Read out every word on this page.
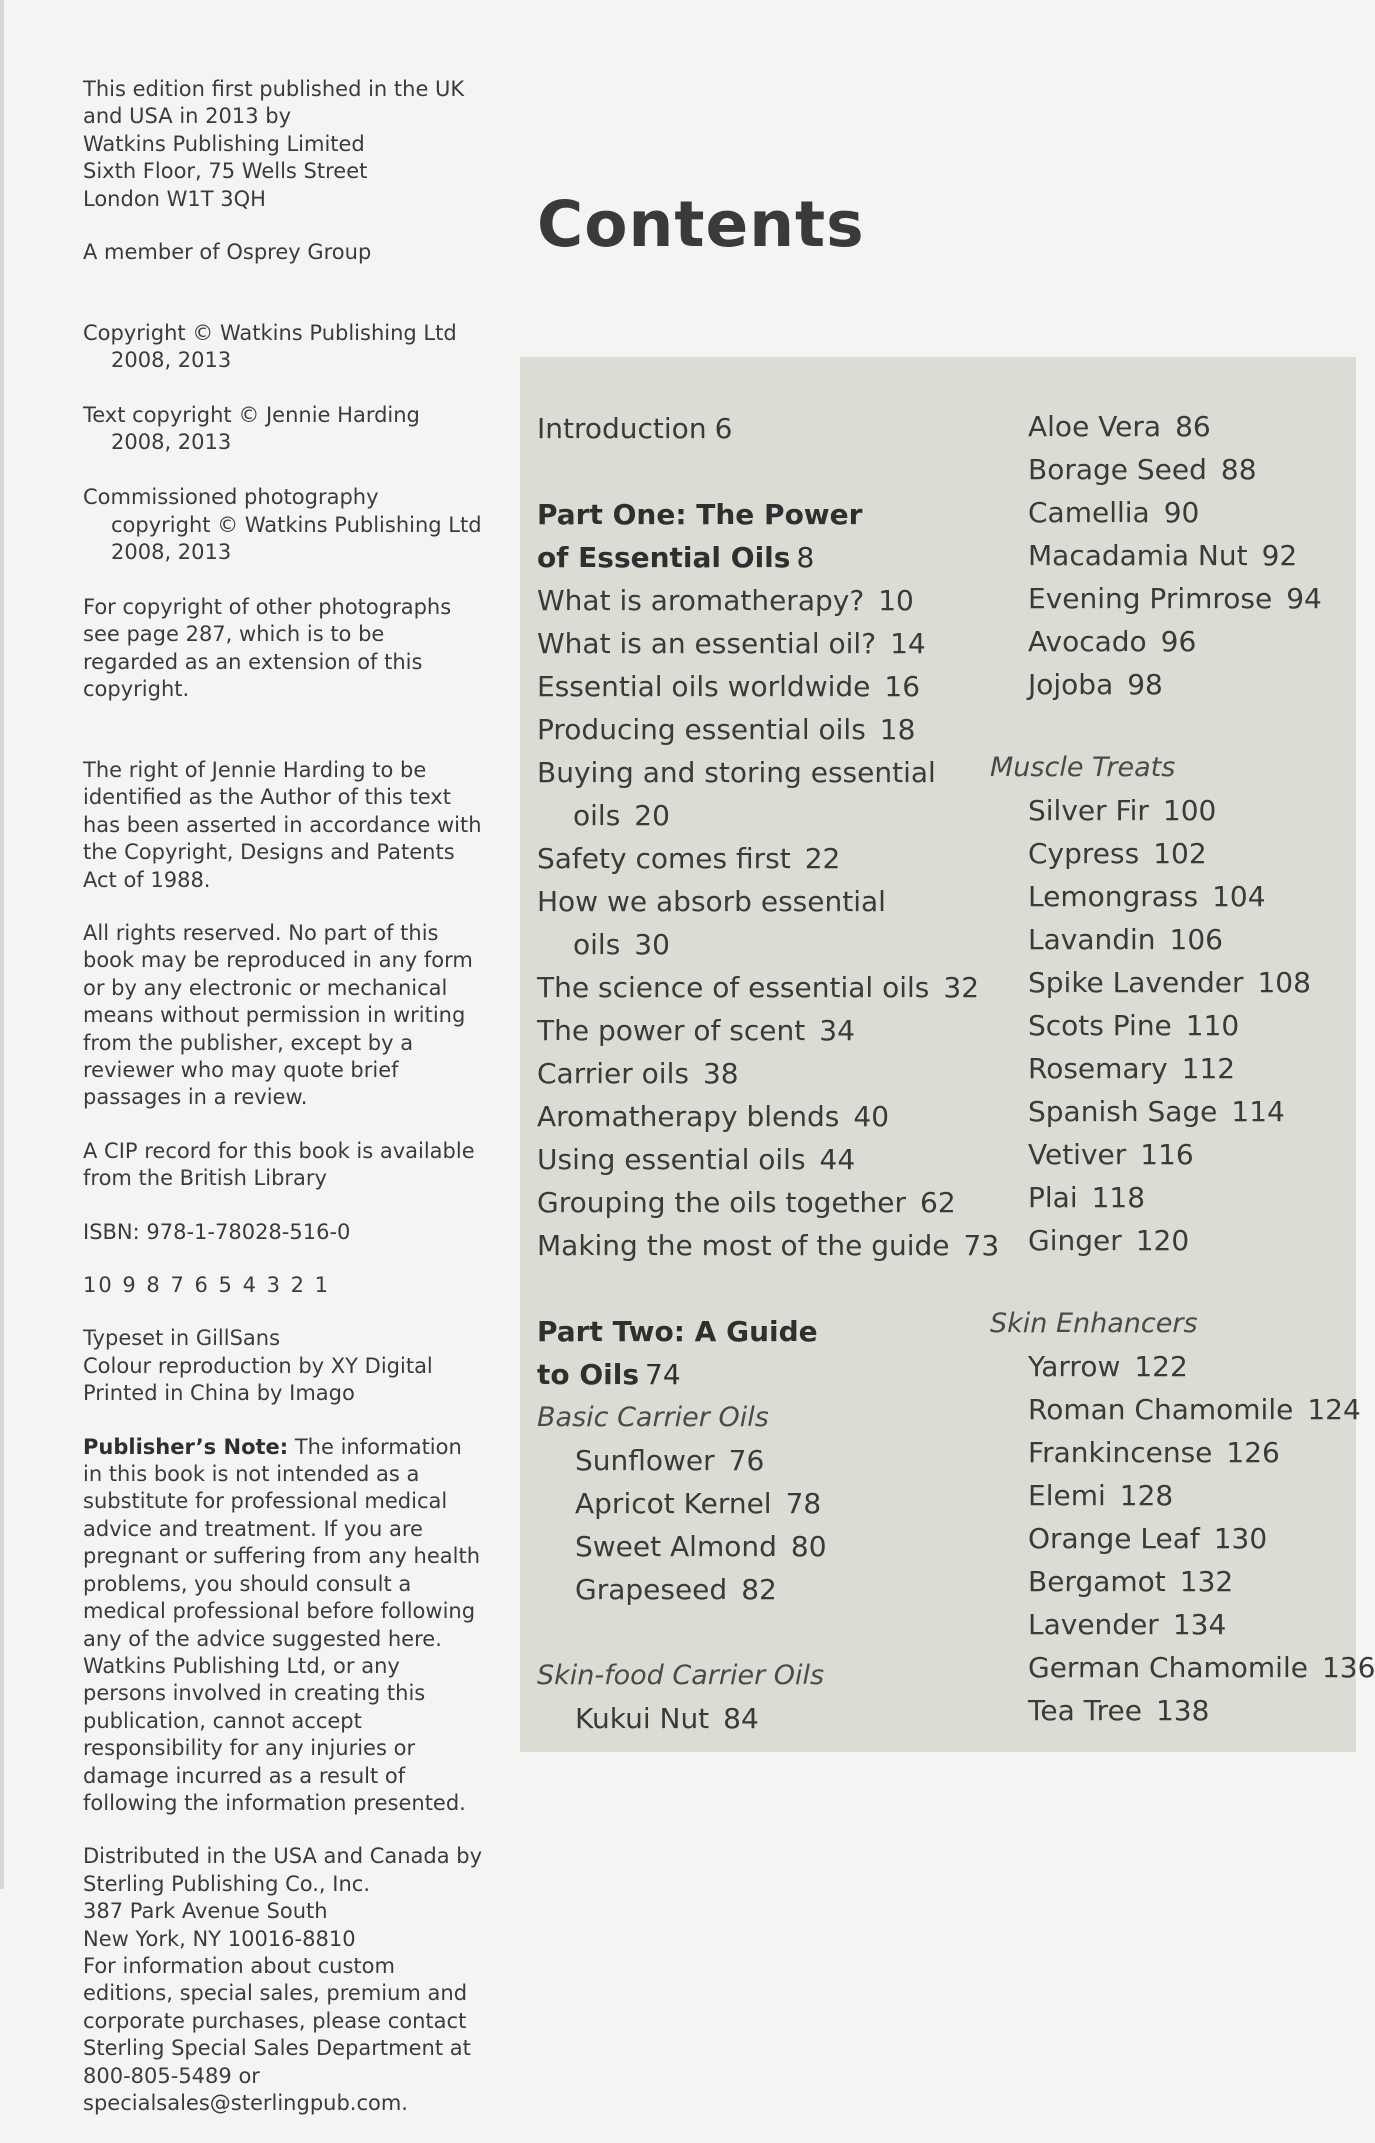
This edition first published in the UK
and USA in 2013 by
Watkins Publishing Limited
Sixth Floor, 75 Wells Street
London W1T 3QH

A member of Osprey Group

Copyright © Watkins Publishing Ltd 2008, 2013

Text copyright © Jennie Harding 2008, 2013

Commissioned photography copyright © Watkins Publishing Ltd 2008, 2013

For copyright of other photographs see page 287, which is to be regarded as an extension of this copyright.

The right of Jennie Harding to be identified as the Author of this text has been asserted in accordance with the Copyright, Designs and Patents Act of 1988.

All rights reserved. No part of this book may be reproduced in any form or by any electronic or mechanical means without permission in writing from the publisher, except by a reviewer who may quote brief passages in a review.

A CIP record for this book is available from the British Library

ISBN: 978-1-78028-516-0

10 9 8 7 6 5 4 3 2 1

Typeset in GillSans
Colour reproduction by XY Digital
Printed in China by Imago

Publisher’s Note: The information in this book is not intended as a substitute for professional medical advice and treatment. If you are pregnant or suffering from any health problems, you should consult a medical professional before following any of the advice suggested here. Watkins Publishing Ltd, or any persons involved in creating this publication, cannot accept responsibility for any injuries or damage incurred as a result of following the information presented.

Distributed in the USA and Canada by Sterling Publishing Co., Inc.
387 Park Avenue South
New York, NY 10016-8810
For information about custom editions, special sales, premium and corporate purchases, please contact Sterling Special Sales Department at 800-805-5489 or specialsales@sterlingpub.com.

Contents
Introduction 6
Part One: The Power
of Essential Oils 8
What is aromatherapy? 10
What is an essential oil? 14
Essential oils worldwide 16
Producing essential oils 18
Buying and storing essential
oils 20
Safety comes first 22
How we absorb essential
oils 30
The science of essential oils 32
The power of scent 34
Carrier oils 38
Aromatherapy blends 40
Using essential oils 44
Grouping the oils together 62
Making the most of the guide 73
Part Two: A Guide
to Oils 74
Basic Carrier Oils
Sunflower 76
Apricot Kernel 78
Sweet Almond 80
Grapeseed 82
Skin-food Carrier Oils
Kukui Nut 84
Aloe Vera 86
Borage Seed 88
Camellia 90
Macadamia Nut 92
Evening Primrose 94
Avocado 96
Jojoba 98
Muscle Treats
Silver Fir 100
Cypress 102
Lemongrass 104
Lavandin 106
Spike Lavender 108
Scots Pine 110
Rosemary 112
Spanish Sage 114
Vetiver 116
Plai 118
Ginger 120
Skin Enhancers
Yarrow 122
Roman Chamomile 124
Frankincense 126
Elemi 128
Orange Leaf 130
Bergamot 132
Lavender 134
German Chamomile 136
Tea Tree 138
